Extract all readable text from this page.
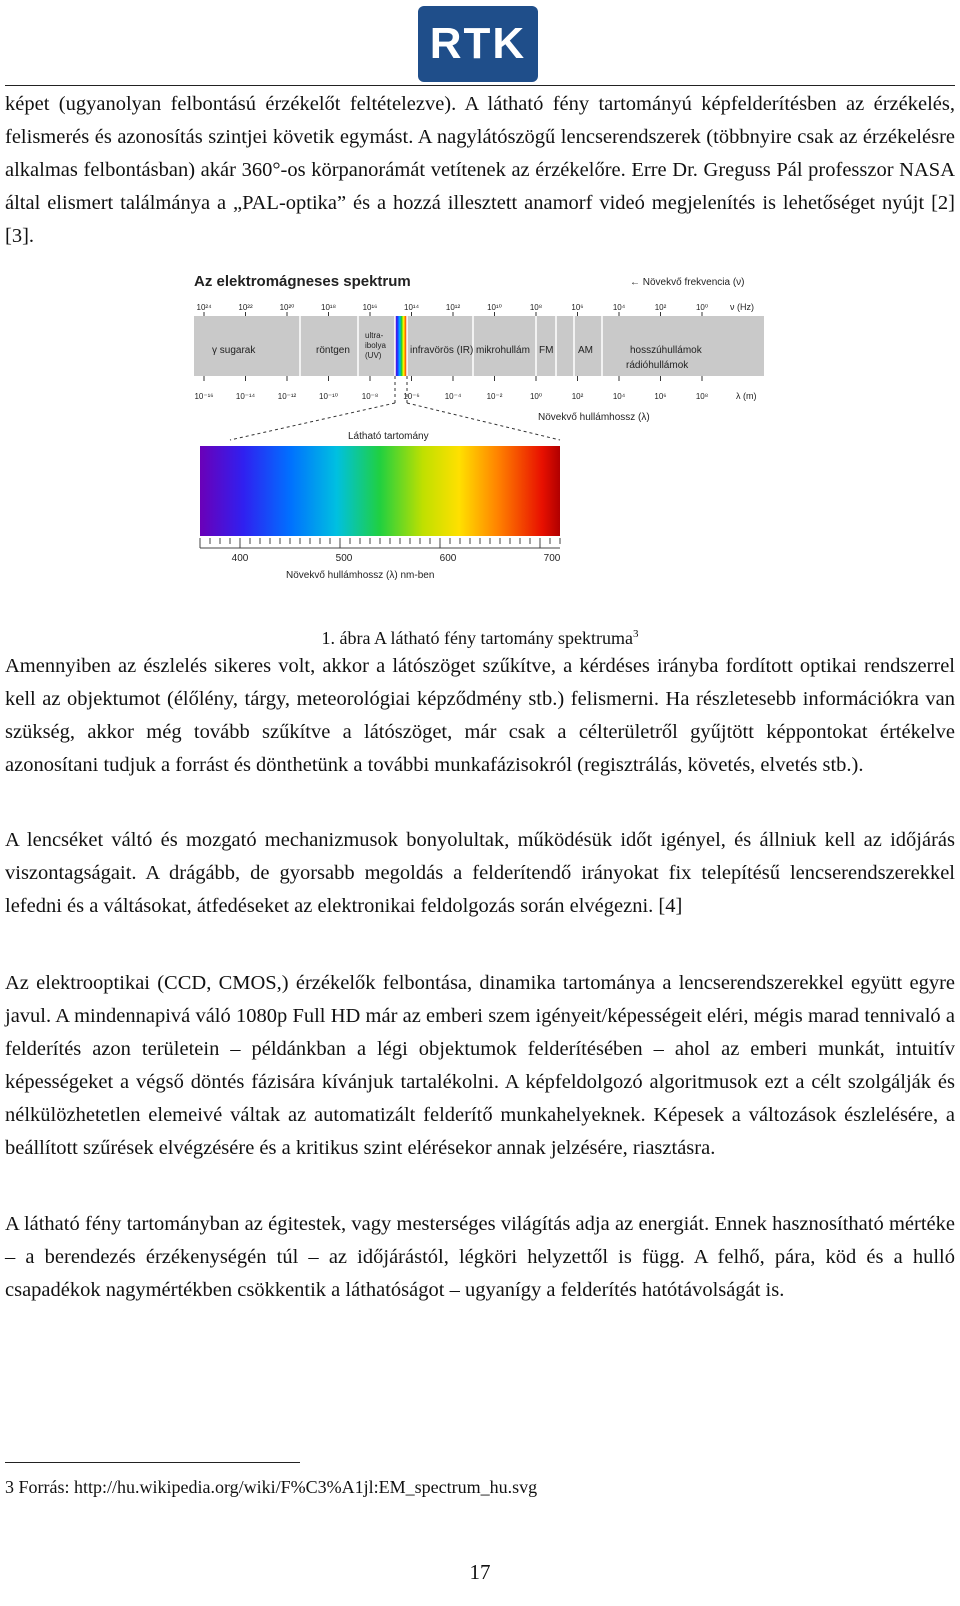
RTK

képet (ugyanolyan felbontású érzékelőt feltételezve). A látható fény tartományú képfelderítésben az érzékelés, felismerés és azonosítás szintjei követik egymást. A nagylátószögű lencserendszerek (többnyire csak az érzékelésre alkalmas felbontásban) akár 360°-os körpanorámát vetítenek az érzékelőre. Erre Dr. Greguss Pál professzor NASA által elismert találmánya a „PAL-optika” és a hozzá illesztett anamorf videó megjelenítés is lehetőséget nyújt [2][3].

Az elektromágneses spektrum	← Növekvő frekvencia (ν)
10²⁴	10²²	10²⁰	10¹⁸	10¹⁶	10¹⁴	10¹²	10¹⁰	10⁸	10⁶	10⁴	10²	10⁰ ν (Hz)
γ sugarak	röntgen
ultra-
ibolya
(UV)	infravörös (IR) mikrohullám FM AM	hosszúhullámok
rádióhullámok
10⁻¹⁶	10⁻¹⁴	10⁻¹²	10⁻¹⁰	10⁻⁸	10⁻⁶	10⁻⁴	10⁻²	10⁰	10²	10⁴	10⁶	10⁸	λ (m)
Növekvő hullámhossz (λ)
Látható tartomány
400	500	600	700
Növekvő hullámhossz (λ) nm-ben
1. ábra A látható fény tartomány spektruma$^3$

Amennyiben az észlelés sikeres volt, akkor a látószöget szűkítve, a kérdéses irányba fordított optikai rendszerrel kell az objektumot (élőlény, tárgy, meteorológiai képződmény stb.) felismerni. Ha részletesebb információkra van szükség, akkor még tovább szűkítve a látószöget, már csak a célterületről gyűjtött képpontokat értékelve azonosítani tudjuk a forrást és dönthetünk a további munkafázisokról (regisztrálás, követés, elvetés stb.).

A lencséket váltó és mozgató mechanizmusok bonyolultak, működésük időt igényel, és állniuk kell az időjárás viszontagságait. A drágább, de gyorsabb megoldás a felderítendő irányokat fix telepítésű lencserendszerekkel lefedni és a váltásokat, átfedéseket az elektronikai feldolgozás során elvégezni. [4]

Az elektrooptikai (CCD, CMOS,) érzékelők felbontása, dinamika tartománya a lencserendszerekkel együtt egyre javul. A mindennapivá váló 1080p Full HD már az emberi szem igényeit/képességeit eléri, mégis marad tennivaló a felderítés azon területein – példánkban a légi objektumok felderítésében – ahol az emberi munkát, intuitív képességeket a végső döntés fázisára kívánjuk tartalékolni. A képfeldolgozó algoritmusok ezt a célt szolgálják és nélkülözhetetlen elemeivé váltak az automatizált felderítő munkahelyeknek. Képesek a változások észlelésére, a beállított szűrések elvégzésére és a kritikus szint elérésekor annak jelzésére, riasztásra.

A látható fény tartományban az égitestek, vagy mesterséges világítás adja az energiát. Ennek hasznosítható mértéke – a berendezés érzékenységén túl – az időjárástól, légköri helyzettől is függ. A felhő, pára, köd és a hulló csapadékok nagymértékben csökkentik a láthatóságot – ugyanígy a felderítés hatótávolságát is.

3 Forrás: http://hu.wikipedia.org/wiki/F%C3%A1jl:EM_spectrum_hu.svg
17
